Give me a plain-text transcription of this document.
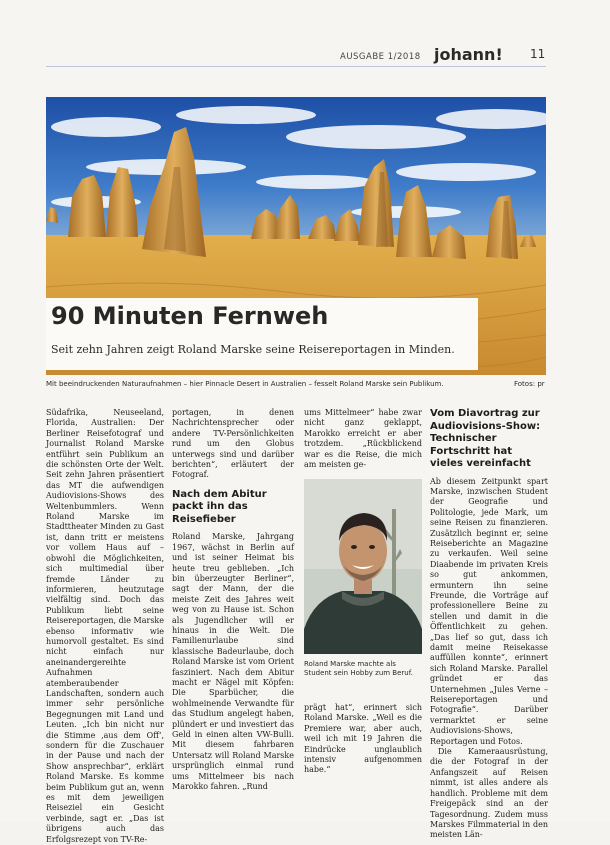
AUSGABE 1/2018 johann! 11
90 Minuten Fernweh
Seit zehn Jahren zeigt Roland Marske seine Reisereportagen in Minden.
Mit beeindruckenden Naturaufnahmen – hier Pinnacle Desert in Australien – fesselt Roland Marske sein Publikum.	Fotos: pr

Südafrika, Neuseeland, Florida, Australien: Der Berliner Reisefotograf und Journalist Roland Marske entführt sein Publikum an die schönsten Orte der Welt. Seit zehn Jahren präsentiert das MT die aufwendigen Audiovisions-Shows des Weltenbummlers. Wenn Roland Marske im Stadttheater Minden zu Gast ist, dann tritt er meistens vor vollem Haus auf – obwohl die Möglichkeiten, sich multimedial über fremde Länder zu informieren, heutzutage vielfältig sind. Doch das Publikum liebt seine Reisereportagen, die Marske ebenso informativ wie humorvoll gestaltet. Es sind nicht einfach nur aneinandergereihte Aufnahmen atemberaubender Landschaften, sondern auch immer sehr persönliche Begegnungen mit Land und Leuten. „Ich bin nicht nur die Stimme ‚aus dem Off‘, sondern für die Zuschauer in der Pause und nach der Show ansprechbar“, erklärt Roland Marske. Es komme beim Publikum gut an, wenn es mit dem jeweiligen Reiseziel ein Gesicht verbinde, sagt er. „Das ist übrigens auch das Erfolgsrezept von TV-Re-

portagen, in denen Nachrichtensprecher oder andere TV-Persönlichkeiten rund um den Globus unterwegs sind und darüber berichten“, erläutert der Fotograf.

Nach dem Abitur packt ihn das Reisefieber

Roland Marske, Jahrgang 1967, wächst in Berlin auf und ist seiner Heimat bis heute treu geblieben. „Ich bin überzeugter Berliner“, sagt der Mann, der die meiste Zeit des Jahres weit weg von zu Hause ist. Schon als Jugendlicher will er hinaus in die Welt. Die Familienurlaube sind klassische Badeurlaube, doch Roland Marske ist vom Orient fasziniert. Nach dem Abitur macht er Nägel mit Köpfen: Die Sparbücher, die wohlmeinende Verwandte für das Studium angelegt haben, plündert er und investiert das Geld in einen alten VW-Bulli. Mit diesem fahrbaren Untersatz will Roland Marske ursprünglich einmal rund ums Mittelmeer bis nach Marokko fahren. „Rund

ums Mittelmeer“ habe zwar nicht ganz geklappt, Marokko erreicht er aber trotzdem. „Rückblickend war es die Reise, die mich am meisten ge-

Roland Marske machte als Student sein Hobby zum Beruf.

prägt hat“, erinnert sich Roland Marske. „Weil es die Premiere war, aber auch, weil ich mit 19 Jahren die Eindrücke unglaublich intensiv aufgenommen habe.“

Vom Diavortrag zur Audiovisions-Show: Technischer Fortschritt hat vieles vereinfacht

Ab diesem Zeitpunkt spart Marske, inzwischen Student der Geografie und Politologie, jede Mark, um seine Reisen zu finanzieren. Zusätzlich beginnt er, seine Reiseberichte an Magazine zu verkaufen. Weil seine Diaabende im privaten Kreis so gut ankommen, ermuntern ihn seine Freunde, die Vorträge auf professionellere Beine zu stellen und damit in die Öffentlichkeit zu gehen. „Das lief so gut, dass ich damit meine Reisekasse auffüllen konnte“, erinnert sich Roland Marske. Parallel gründet er das Unternehmen „Jules Verne – Reisereportagen und Fotografie“. Darüber vermarktet er seine Audiovisions-Shows, Reportagen und Fotos.

Die Kameraausrüstung, die der Fotograf in der Anfangszeit auf Reisen nimmt, ist alles andere als handlich. Probleme mit dem Freigepäck sind an der Tagesordnung. Zudem muss Marskes Filmmaterial in den meisten Län-
